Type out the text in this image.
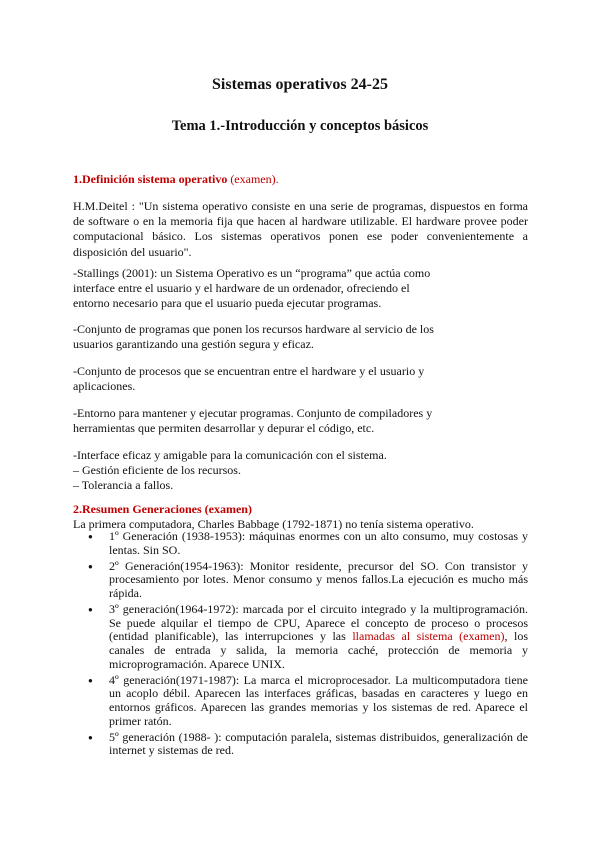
Sistemas operativos 24-25
Tema 1.-Introducción y conceptos básicos
1.Definición sistema operativo (examen).
H.M.Deitel : "Un sistema operativo consiste en una serie de programas, dispuestos en forma de software o en la memoria fija que hacen al hardware utilizable. El hardware provee poder computacional básico. Los sistemas operativos ponen ese poder convenientemente a disposición del usuario".
-Stallings (2001): un Sistema Operativo es un “programa” que actúa como
interface entre el usuario y el hardware de un ordenador, ofreciendo el
entorno necesario para que el usuario pueda ejecutar programas.
-Conjunto de programas que ponen los recursos hardware al servicio de los
usuarios garantizando una gestión segura y eficaz.
-Conjunto de procesos que se encuentran entre el hardware y el usuario y
aplicaciones.
-Entorno para mantener y ejecutar programas. Conjunto de compiladores y
herramientas que permiten desarrollar y depurar el código, etc.
-Interface eficaz y amigable para la comunicación con el sistema.
– Gestión eficiente de los recursos.
– Tolerancia a fallos.
2.Resumen Generaciones (examen)
La primera computadora, Charles Babbage (1792-1871) no tenía sistema operativo.
● 1º Generación (1938-1953): máquinas enormes con un alto consumo, muy costosas y lentas. Sin SO.
● 2º Generación(1954-1963): Monitor residente, precursor del SO. Con transistor y procesamiento por lotes. Menor consumo y menos fallos.La ejecución es mucho más rápida.
● 3º generación(1964-1972): marcada por el circuito integrado y la multiprogramación. Se puede alquilar el tiempo de CPU, Aparece el concepto de proceso o procesos (entidad planificable), las interrupciones y las llamadas al sistema (examen), los canales de entrada y salida, la memoria caché, protección de memoria y microprogramación. Aparece UNIX.
● 4º generación(1971-1987): La marca el microprocesador. La multicomputadora tiene un acoplo débil. Aparecen las interfaces gráficas, basadas en caracteres y luego en entornos gráficos. Aparecen las grandes memorias y los sistemas de red. Aparece el primer ratón.
● 5º generación (1988- ): computación paralela, sistemas distribuidos, generalización de internet y sistemas de red.
